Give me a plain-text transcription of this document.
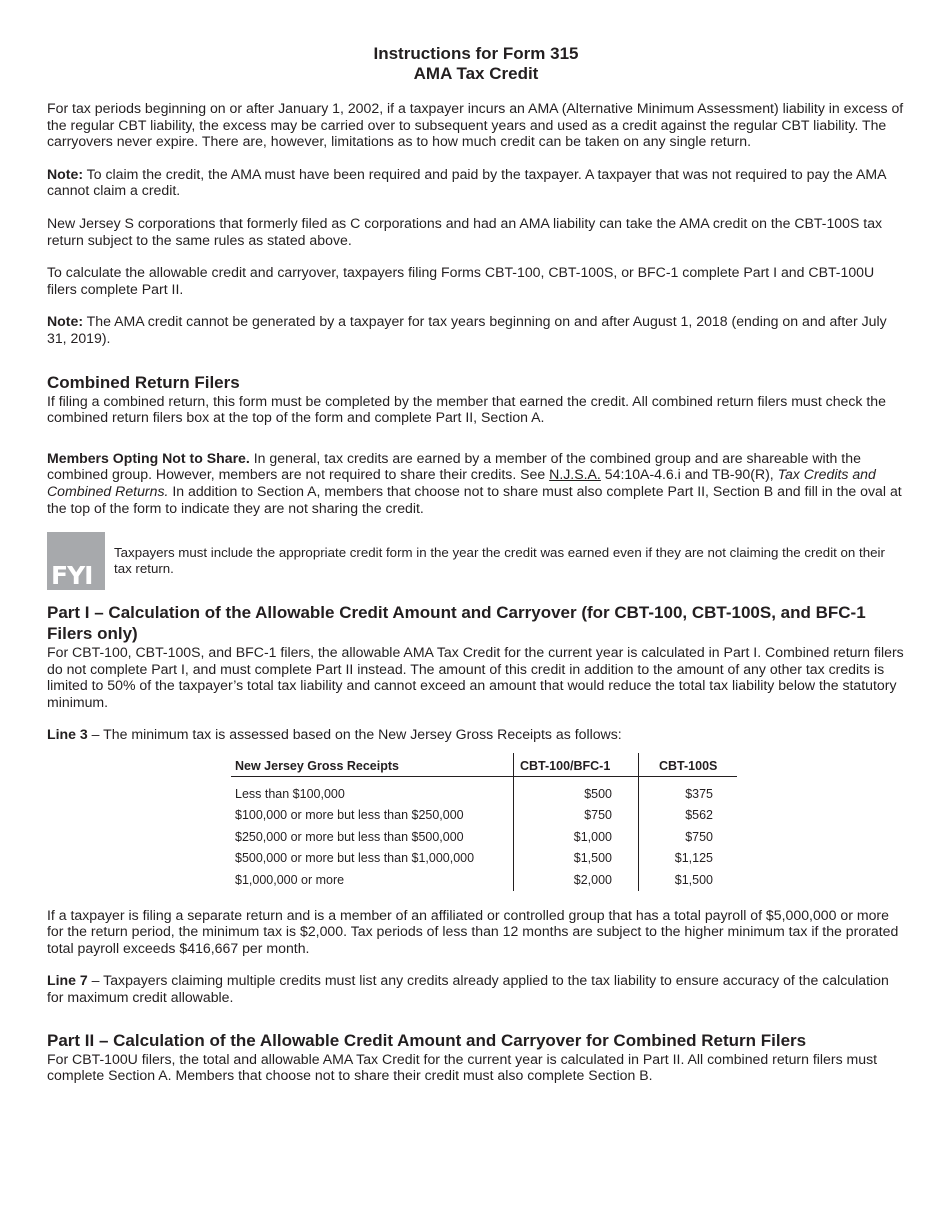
Instructions for Form 315
AMA Tax Credit

For tax periods beginning on or after January 1, 2002, if a taxpayer incurs an AMA (Alternative Minimum Assessment) liability in excess of the regular CBT liability, the excess may be carried over to subsequent years and used as a credit against the regular CBT liability. The carryovers never expire. There are, however, limitations as to how much credit can be taken on any single return.

Note: To claim the credit, the AMA must have been required and paid by the taxpayer. A taxpayer that was not required to pay the AMA cannot claim a credit.

New Jersey S corporations that formerly filed as C corporations and had an AMA liability can take the AMA credit on the CBT-100S tax return subject to the same rules as stated above.

To calculate the allowable credit and carryover, taxpayers filing Forms CBT-100, CBT-100S, or BFC-1 complete Part I and CBT-100U filers complete Part II.

Note: The AMA credit cannot be generated by a taxpayer for tax years beginning on and after August 1, 2018 (ending on and after July 31, 2019).

Combined Return Filers

If filing a combined return, this form must be completed by the member that earned the credit. All combined return filers must check the combined return filers box at the top of the form and complete Part II, Section A.

Members Opting Not to Share. In general, tax credits are earned by a member of the combined group and are shareable with the combined group. However, members are not required to share their credits. See N.J.S.A. 54:10A-4.6.i and TB-90(R), Tax Credits and Combined Returns. In addition to Section A, members that choose not to share must also complete Part II, Section B and fill in the oval at the top of the form to indicate they are not sharing the credit.

FYI
Taxpayers must include the appropriate credit form in the year the credit was earned even if they are not claiming the credit on their tax return.
Part I – Calculation of the Allowable Credit Amount and Carryover (for CBT-100, CBT-100S, and BFC-1 Filers only)

For CBT-100, CBT-100S, and BFC-1 filers, the allowable AMA Tax Credit for the current year is calculated in Part I. Combined return filers do not complete Part I, and must complete Part II instead. The amount of this credit in addition to the amount of any other tax credits is limited to 50% of the taxpayer’s total tax liability and cannot exceed an amount that would reduce the total tax liability below the statutory minimum.

Line 3 – The minimum tax is assessed based on the New Jersey Gross Receipts as follows:

New Jersey Gross Receipts	CBT-100/BFC-1	CBT-100S

Less than $100,000	$500	$375
$100,000 or more but less than $250,000	$750	$562
$250,000 or more but less than $500,000	$1,000	$750
$500,000 or more but less than $1,000,000	$1,500	$1,125
$1,000,000 or more	$2,000	$1,500

If a taxpayer is filing a separate return and is a member of an affiliated or controlled group that has a total payroll of $5,000,000 or more for the return period, the minimum tax is $2,000. Tax periods of less than 12 months are subject to the higher minimum tax if the prorated total payroll exceeds $416,667 per month.

Line 7 – Taxpayers claiming multiple credits must list any credits already applied to the tax liability to ensure accuracy of the calculation for maximum credit allowable.

Part II – Calculation of the Allowable Credit Amount and Carryover for Combined Return Filers

For CBT-100U filers, the total and allowable AMA Tax Credit for the current year is calculated in Part II. All combined return filers must complete Section A. Members that choose not to share their credit must also complete Section B.
